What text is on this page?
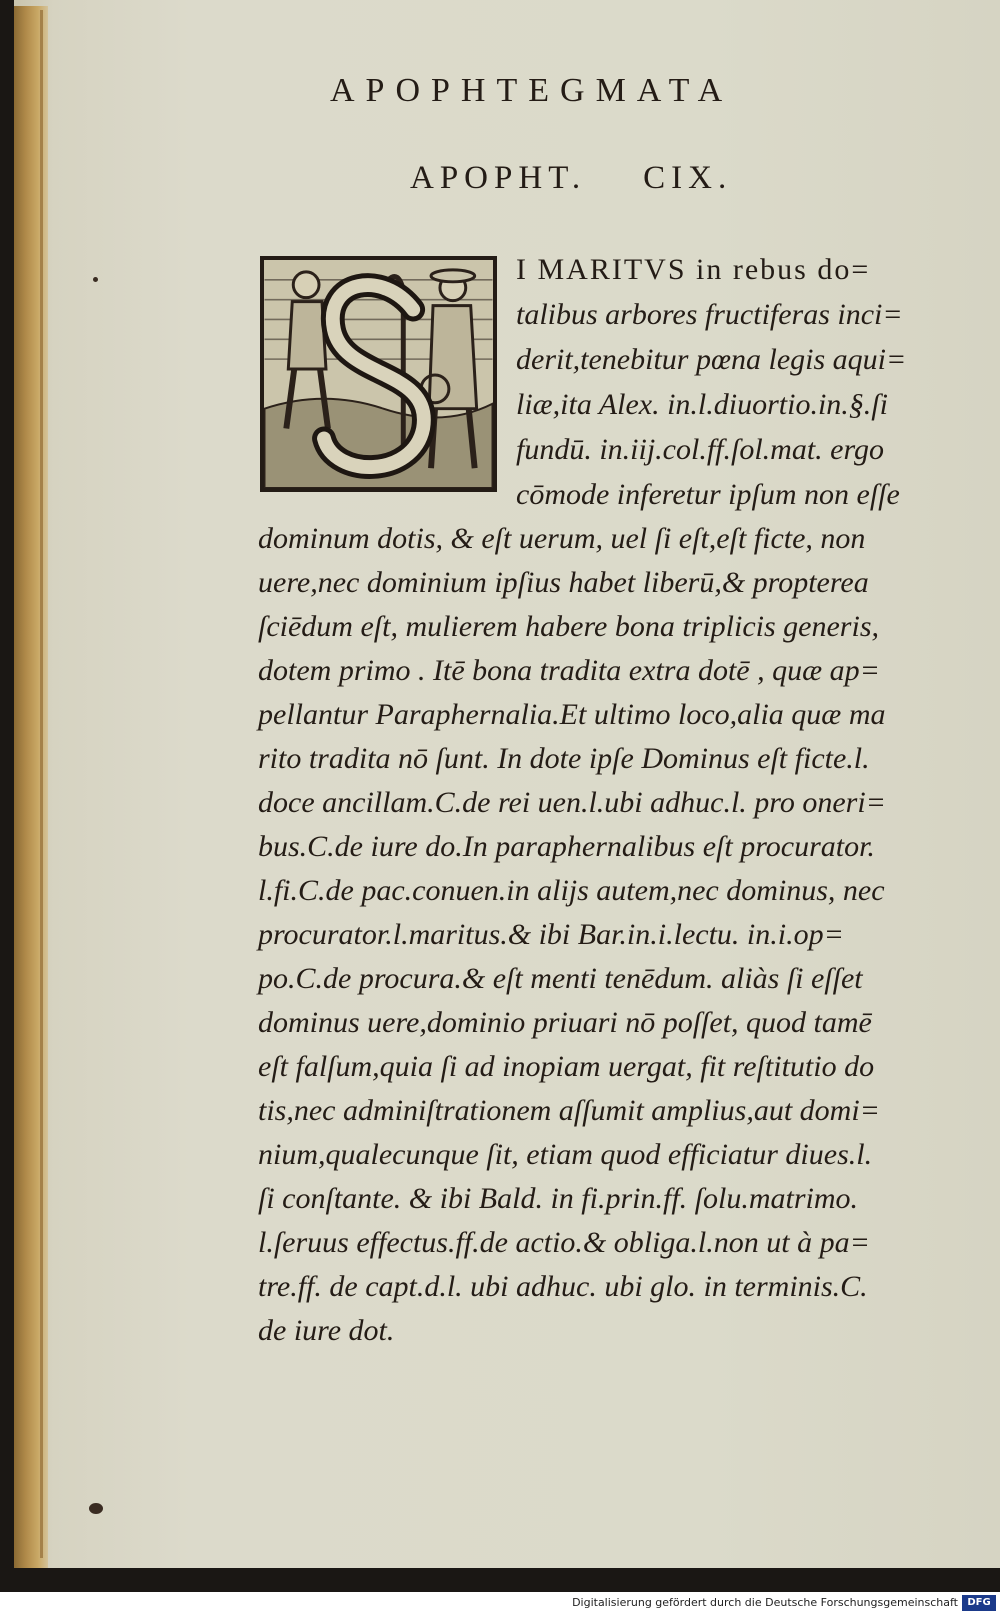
APOPHTEGMATA
APOPHT.    CIX.
I MARITVS in rebus do=
talibus arbores fructiferas inci=
derit,tenebitur pœna legis aqui=
liæ,ita Alex. in.l.diuortio.in.§.ſi
fundū. in.iij.col.ff.ſol.mat. ergo
cōmode inferetur ipſum non eſſe
dominum dotis, & eſt uerum, uel ſi eſt,eſt ficte, non
uere,nec dominium ipſius habet liberū,& propterea
ſciēdum eſt, mulierem habere bona triplicis generis,
dotem primo . Itē bona tradita extra dotē , quæ ap=
pellantur Paraphernalia.Et ultimo loco,alia quæ ma
rito tradita nō ſunt. In dote ipſe Dominus eſt ficte.l.
doce ancillam.C.de rei uen.l.ubi adhuc.l. pro oneri=
bus.C.de iure do.In paraphernalibus eſt procurator.
l.fi.C.de pac.conuen.in alijs autem,nec dominus, nec
procurator.l.maritus.& ibi Bar.in.i.lectu. in.i.op=
po.C.de procura.& eſt menti tenēdum. aliàs ſi eſſet
dominus uere,dominio priuari nō poſſet, quod tamē
eſt falſum,quia ſi ad inopiam uergat, fit reſtitutio do
tis,nec adminiſtrationem aſſumit amplius,aut domi=
nium,qualecunque ſit, etiam quod efficiatur diues.l.
ſi conſtante. & ibi Bald. in fi.prin.ff. ſolu.matrimo.
l.ſeruus effectus.ff.de actio.& obliga.l.non ut à pa=
tre.ff. de capt.d.l. ubi adhuc. ubi glo. in terminis.C.
de iure dot.
Digitalisierung gefördert durch die Deutsche Forschungsgemeinschaft DFG
